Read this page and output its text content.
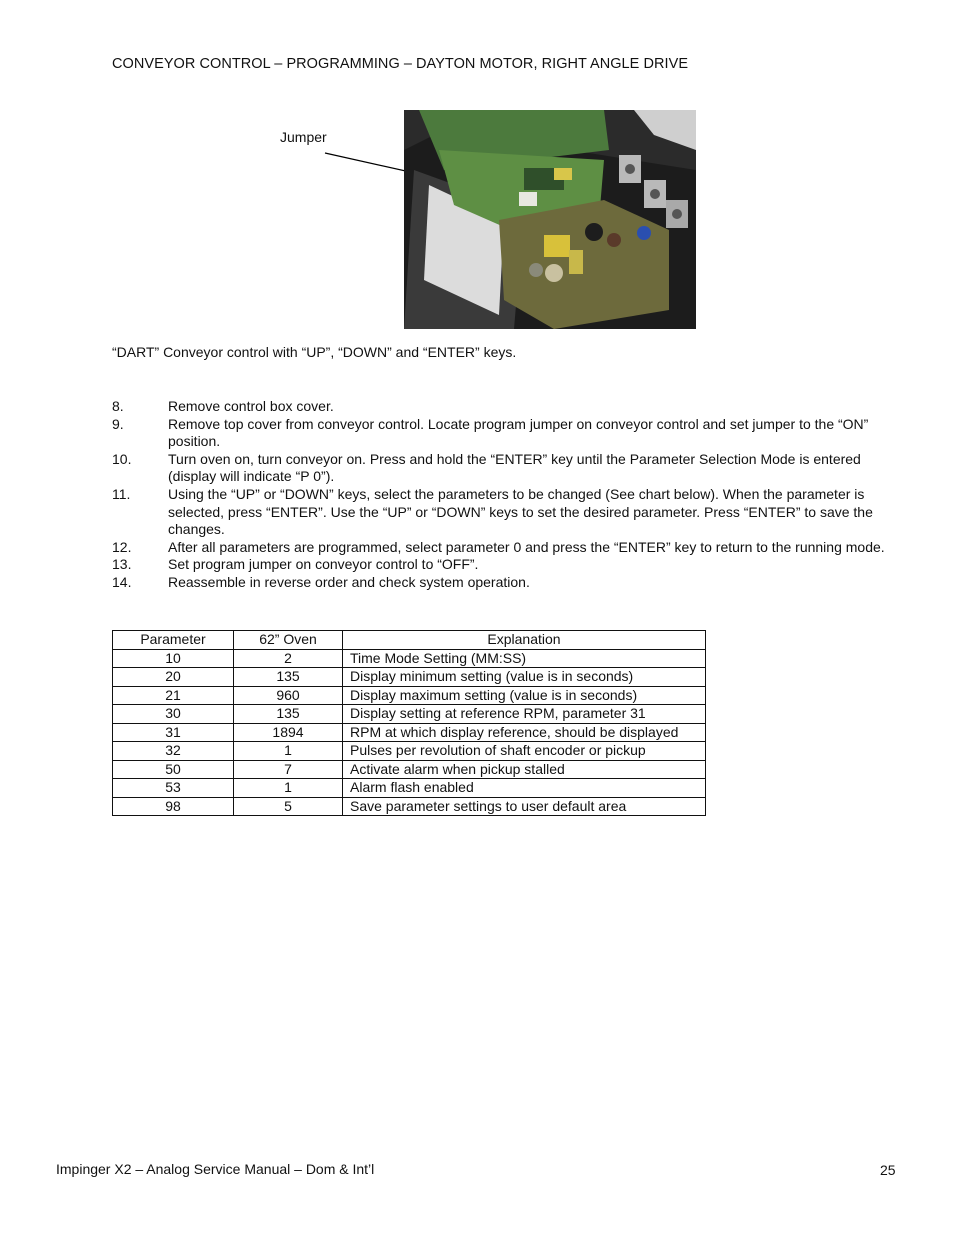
CONVEYOR CONTROL – PROGRAMMING – DAYTON MOTOR, RIGHT ANGLE DRIVE
Jumper
“DART” Conveyor control with “UP”, “DOWN” and “ENTER” keys.
8.	Remove control box cover.
9.	Remove top cover from conveyor control. Locate program jumper on conveyor control and set jumper to the “ON” position.
10.	Turn oven on, turn conveyor on. Press and hold the “ENTER” key until the Parameter Selection Mode is entered (display will indicate “P 0”).
11.	Using the “UP” or “DOWN” keys, select the parameters to be changed (See chart below). When the parameter is selected, press “ENTER”. Use the “UP” or “DOWN” keys to set the desired parameter. Press “ENTER” to save the changes.
12.	After all parameters are programmed, select parameter 0 and press the “ENTER” key to return to the running mode.
13.	Set program jumper on conveyor control to “OFF”.
14.	Reassemble in reverse order and check system operation.
Parameter	62” Oven	Explanation
10	2	Time Mode Setting (MM:SS)
20	135	Display minimum setting (value is in seconds)
21	960	Display maximum setting (value is in seconds)
30	135	Display setting at reference RPM, parameter 31
31	1894	RPM at which display reference, should be displayed
32	1	Pulses per revolution of shaft encoder or pickup
50	7	Activate alarm when pickup stalled
53	1	Alarm flash enabled
98	5	Save parameter settings to user default area
Impinger X2 – Analog Service Manual – Dom & Int’l	25
